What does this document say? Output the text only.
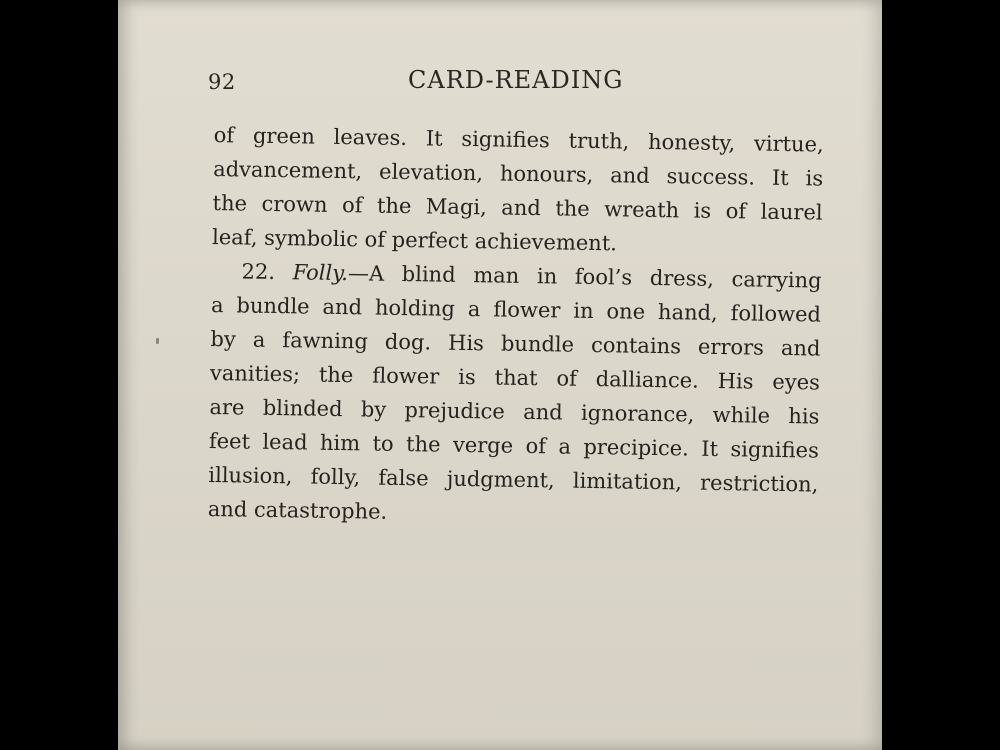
92	CARD-READING

of green leaves. It signifies truth, honesty, virtue,
advancement, elevation, honours, and success. It is
the crown of the Magi, and the wreath is of laurel
leaf, symbolic of perfect achievement.

22. Folly.—A blind man in fool’s dress, carrying
a bundle and holding a flower in one hand, followed
by a fawning dog. His bundle contains errors and
vanities; the flower is that of dalliance. His eyes
are blinded by prejudice and ignorance, while his
feet lead him to the verge of a precipice. It signifies
illusion, folly, false judgment, limitation, restriction,
and catastrophe.
